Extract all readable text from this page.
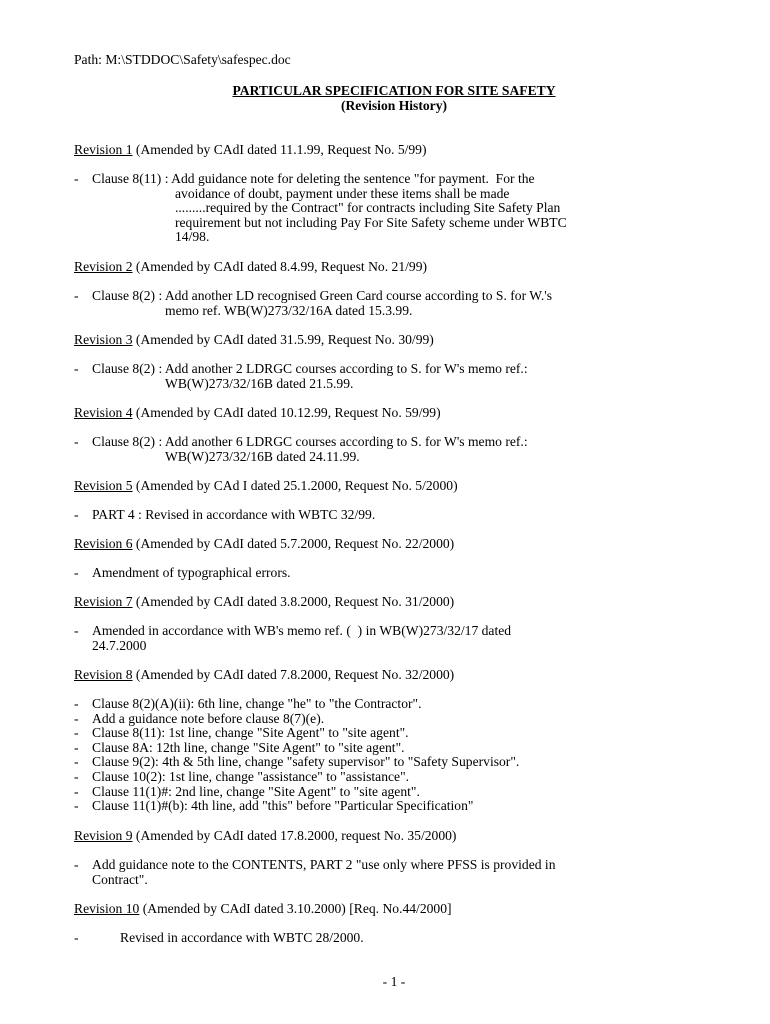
Path: M:\STDDOC\Safety\safespec.doc
PARTICULAR SPECIFICATION FOR SITE SAFETY
(Revision History)
Revision 1 (Amended by CAdI dated 11.1.99, Request No. 5/99)
- Clause 8(11) : Add guidance note for deleting the sentence "for payment.  For the
avoidance of doubt, payment under these items shall be made
.........required by the Contract" for contracts including Site Safety Plan
requirement but not including Pay For Site Safety scheme under WBTC
14/98.
Revision 2 (Amended by CAdI dated 8.4.99, Request No. 21/99)
- Clause 8(2) : Add another LD recognised Green Card course according to S. for W.'s
memo ref. WB(W)273/32/16A dated 15.3.99.
Revision 3 (Amended by CAdI dated 31.5.99, Request No. 30/99)
- Clause 8(2) : Add another 2 LDRGC courses according to S. for W's memo ref.:
WB(W)273/32/16B dated 21.5.99.
Revision 4 (Amended by CAdI dated 10.12.99, Request No. 59/99)
- Clause 8(2) : Add another 6 LDRGC courses according to S. for W's memo ref.:
WB(W)273/32/16B dated 24.11.99.
Revision 5 (Amended by CAd I dated 25.1.2000, Request No. 5/2000)
- PART 4 : Revised in accordance with WBTC 32/99.
Revision 6 (Amended by CAdI dated 5.7.2000, Request No. 22/2000)
- Amendment of typographical errors.
Revision 7 (Amended by CAdI dated 3.8.2000, Request No. 31/2000)
- Amended in accordance with WB's memo ref. (  ) in WB(W)273/32/17 dated
24.7.2000
Revision 8 (Amended by CAdI dated 7.8.2000, Request No. 32/2000)
- Clause 8(2)(A)(ii): 6th line, change "he" to "the Contractor".
- Add a guidance note before clause 8(7)(e).
- Clause 8(11): 1st line, change "Site Agent" to "site agent".
- Clause 8A: 12th line, change "Site Agent" to "site agent".
- Clause 9(2): 4th & 5th line, change "safety supervisor" to "Safety Supervisor".
- Clause 10(2): 1st line, change "assistance" to "assistance".
- Clause 11(1)#: 2nd line, change "Site Agent" to "site agent".
- Clause 11(1)#(b): 4th line, add "this" before "Particular Specification"
Revision 9 (Amended by CAdI dated 17.8.2000, request No. 35/2000)
- Add guidance note to the CONTENTS, PART 2 "use only where PFSS is provided in
Contract".
Revision 10 (Amended by CAdI dated 3.10.2000) [Req. No.44/2000]
-	Revised in accordance with WBTC 28/2000.
- 1 -
